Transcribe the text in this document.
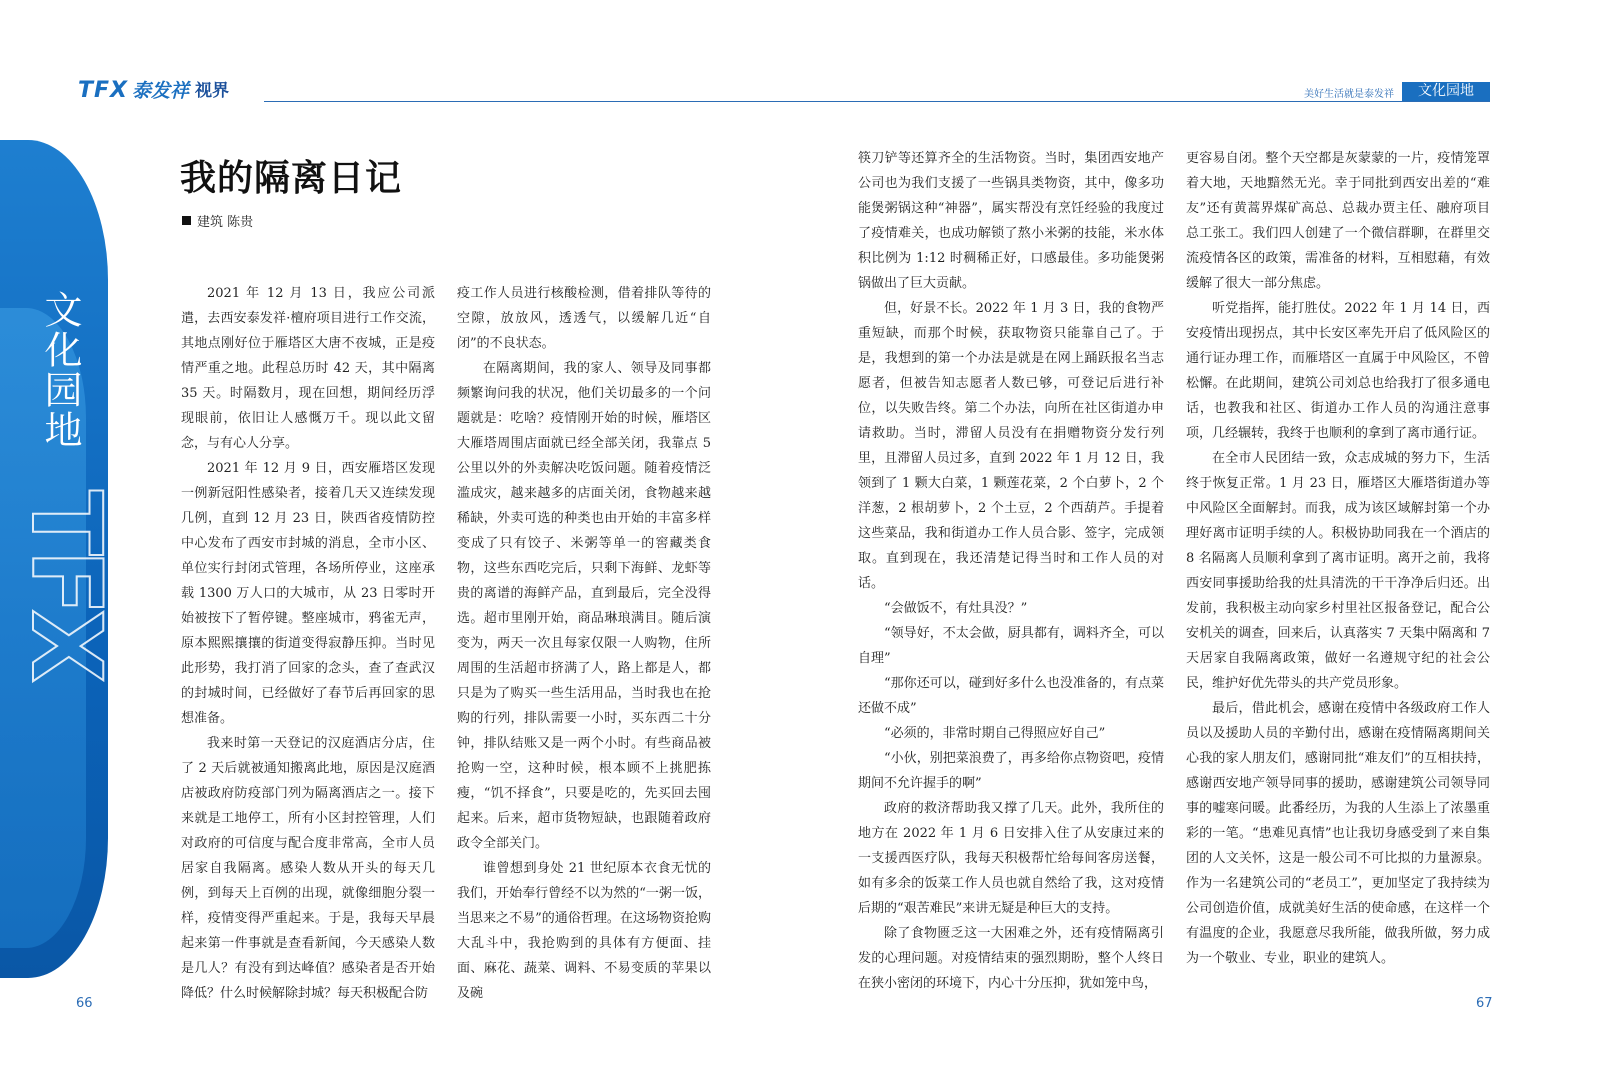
TFX 泰发祥 视界	美好生活就是泰发祥	文化园地
文化园地
TFX
我的隔离日记
建筑 陈贵

2021 年 12 月 13 日，我应公司派遣，去西安泰发祥·檀府项目进行工作交流，其地点刚好位于雁塔区大唐不夜城，正是疫情严重之地。此程总历时 42 天，其中隔离 35 天。时隔数月，现在回想，期间经历浮现眼前，依旧让人感慨万千。现以此文留念，与有心人分享。

2021 年 12 月 9 日，西安雁塔区发现一例新冠阳性感染者，接着几天又连续发现几例，直到 12 月 23 日，陕西省疫情防控中心发布了西安市封城的消息，全市小区、单位实行封闭式管理，各场所停业，这座承载 1300 万人口的大城市，从 23 日零时开始被按下了暂停键。整座城市，鸦雀无声，原本熙熙攘攘的街道变得寂静压抑。当时见此形势，我打消了回家的念头，查了查武汉的封城时间，已经做好了春节后再回家的思想准备。

我来时第一天登记的汉庭酒店分店，住了 2 天后就被通知搬离此地，原因是汉庭酒店被政府防疫部门列为隔离酒店之一。接下来就是工地停工，所有小区封控管理，人们对政府的可信度与配合度非常高，全市人员居家自我隔离。感染人数从开头的每天几例，到每天上百例的出现，就像细胞分裂一样，疫情变得严重起来。于是，我每天早晨起来第一件事就是查看新闻，今天感染人数是几人？有没有到达峰值？感染者是否开始降低？什么时候解除封城？每天积极配合防

疫工作人员进行核酸检测，借着排队等待的空隙，放放风，透透气，以缓解几近“自闭”的不良状态。

在隔离期间，我的家人、领导及同事都频繁询问我的状况，他们关切最多的一个问题就是：吃啥？疫情刚开始的时候，雁塔区大雁塔周围店面就已经全部关闭，我靠点 5 公里以外的外卖解决吃饭问题。随着疫情泛滥成灾，越来越多的店面关闭，食物越来越稀缺，外卖可选的种类也由开始的丰富多样变成了只有饺子、米粥等单一的窖藏类食物，这些东西吃完后，只剩下海鲜、龙虾等贵的离谱的海鲜产品，直到最后，完全没得选。超市里刚开始，商品琳琅满目。随后演变为，两天一次且每家仅限一人购物，住所周围的生活超市挤满了人，路上都是人，都只是为了购买一些生活用品，当时我也在抢购的行列，排队需要一小时，买东西二十分钟，排队结账又是一两个小时。有些商品被抢购一空，这种时候，根本顾不上挑肥拣瘦，“饥不择食”，只要是吃的，先买回去囤起来。后来，超市货物短缺，也跟随着政府政令全部关门。

谁曾想到身处 21 世纪原本衣食无忧的我们，开始奉行曾经不以为然的“一粥一饭，当思来之不易”的通俗哲理。在这场物资抢购大乱斗中，我抢购到的具体有方便面、挂面、麻花、蔬菜、调料、不易变质的苹果以及碗

筷刀铲等还算齐全的生活物资。当时，集团西安地产公司也为我们支援了一些锅具类物资，其中，像多功能煲粥锅这种“神器”，属实帮没有烹饪经验的我度过了疫情难关，也成功解锁了熬小米粥的技能，米水体积比例为 1:12 时稠稀正好，口感最佳。多功能煲粥锅做出了巨大贡献。

但，好景不长。2022 年 1 月 3 日，我的食物严重短缺，而那个时候，获取物资只能靠自己了。于是，我想到的第一个办法是就是在网上踊跃报名当志愿者，但被告知志愿者人数已够，可登记后进行补位，以失败告终。第二个办法，向所在社区街道办申请救助。当时，滞留人员没有在捐赠物资分发行列里，且滞留人员过多，直到 2022 年 1 月 12 日，我领到了 1 颗大白菜，1 颗莲花菜，2 个白萝卜，2 个洋葱，2 根胡萝卜，2 个土豆，2 个西葫芦。手提着这些菜品，我和街道办工作人员合影、签字，完成领取。直到现在，我还清楚记得当时和工作人员的对话。

“会做饭不，有灶具没？”

“领导好，不太会做，厨具都有，调料齐全，可以自理”

“那你还可以，碰到好多什么也没准备的，有点菜还做不成”

“必须的，非常时期自己得照应好自己”

“小伙，别把菜浪费了，再多给你点物资吧，疫情期间不允许握手的啊”

政府的救济帮助我又撑了几天。此外，我所住的地方在 2022 年 1 月 6 日安排入住了从安康过来的一支援西医疗队，我每天积极帮忙给每间客房送餐，如有多余的饭菜工作人员也就自然给了我，这对疫情后期的“艰苦难民”来讲无疑是种巨大的支持。

除了食物匮乏这一大困难之外，还有疫情隔离引发的心理问题。对疫情结束的强烈期盼，整个人终日在狭小密闭的环境下，内心十分压抑，犹如笼中鸟，

更容易自闭。整个天空都是灰蒙蒙的一片，疫情笼罩着大地，天地黯然无光。幸于同批到西安出差的“难友”还有黄蒿界煤矿高总、总裁办贾主任、融府项目总工张工。我们四人创建了一个微信群聊，在群里交流疫情各区的政策，需准备的材料，互相慰藉，有效缓解了很大一部分焦虑。

听党指挥，能打胜仗。2022 年 1 月 14 日，西安疫情出现拐点，其中长安区率先开启了低风险区的通行证办理工作，而雁塔区一直属于中风险区，不曾松懈。在此期间，建筑公司刘总也给我打了很多通电话，也教我和社区、街道办工作人员的沟通注意事项，几经辗转，我终于也顺利的拿到了离市通行证。

在全市人民团结一致，众志成城的努力下，生活终于恢复正常。1 月 23 日，雁塔区大雁塔街道办等中风险区全面解封。而我，成为该区域解封第一个办理好离市证明手续的人。积极协助同我在一个酒店的 8 名隔离人员顺利拿到了离市证明。离开之前，我将西安同事援助给我的灶具清洗的干干净净后归还。出发前，我积极主动向家乡村里社区报备登记，配合公安机关的调查，回来后，认真落实 7 天集中隔离和 7 天居家自我隔离政策，做好一名遵规守纪的社会公民，维护好优先带头的共产党员形象。

最后，借此机会，感谢在疫情中各级政府工作人员以及援助人员的辛勤付出，感谢在疫情隔离期间关心我的家人朋友们，感谢同批“难友们”的互相扶持，感谢西安地产领导同事的援助，感谢建筑公司领导同事的嘘寒问暖。此番经历，为我的人生添上了浓墨重彩的一笔。“患难见真情”也让我切身感受到了来自集团的人文关怀，这是一般公司不可比拟的力量源泉。作为一名建筑公司的“老员工”，更加坚定了我持续为公司创造价值，成就美好生活的使命感，在这样一个有温度的企业，我愿意尽我所能，做我所做，努力成为一个敬业、专业，职业的建筑人。

66	67
